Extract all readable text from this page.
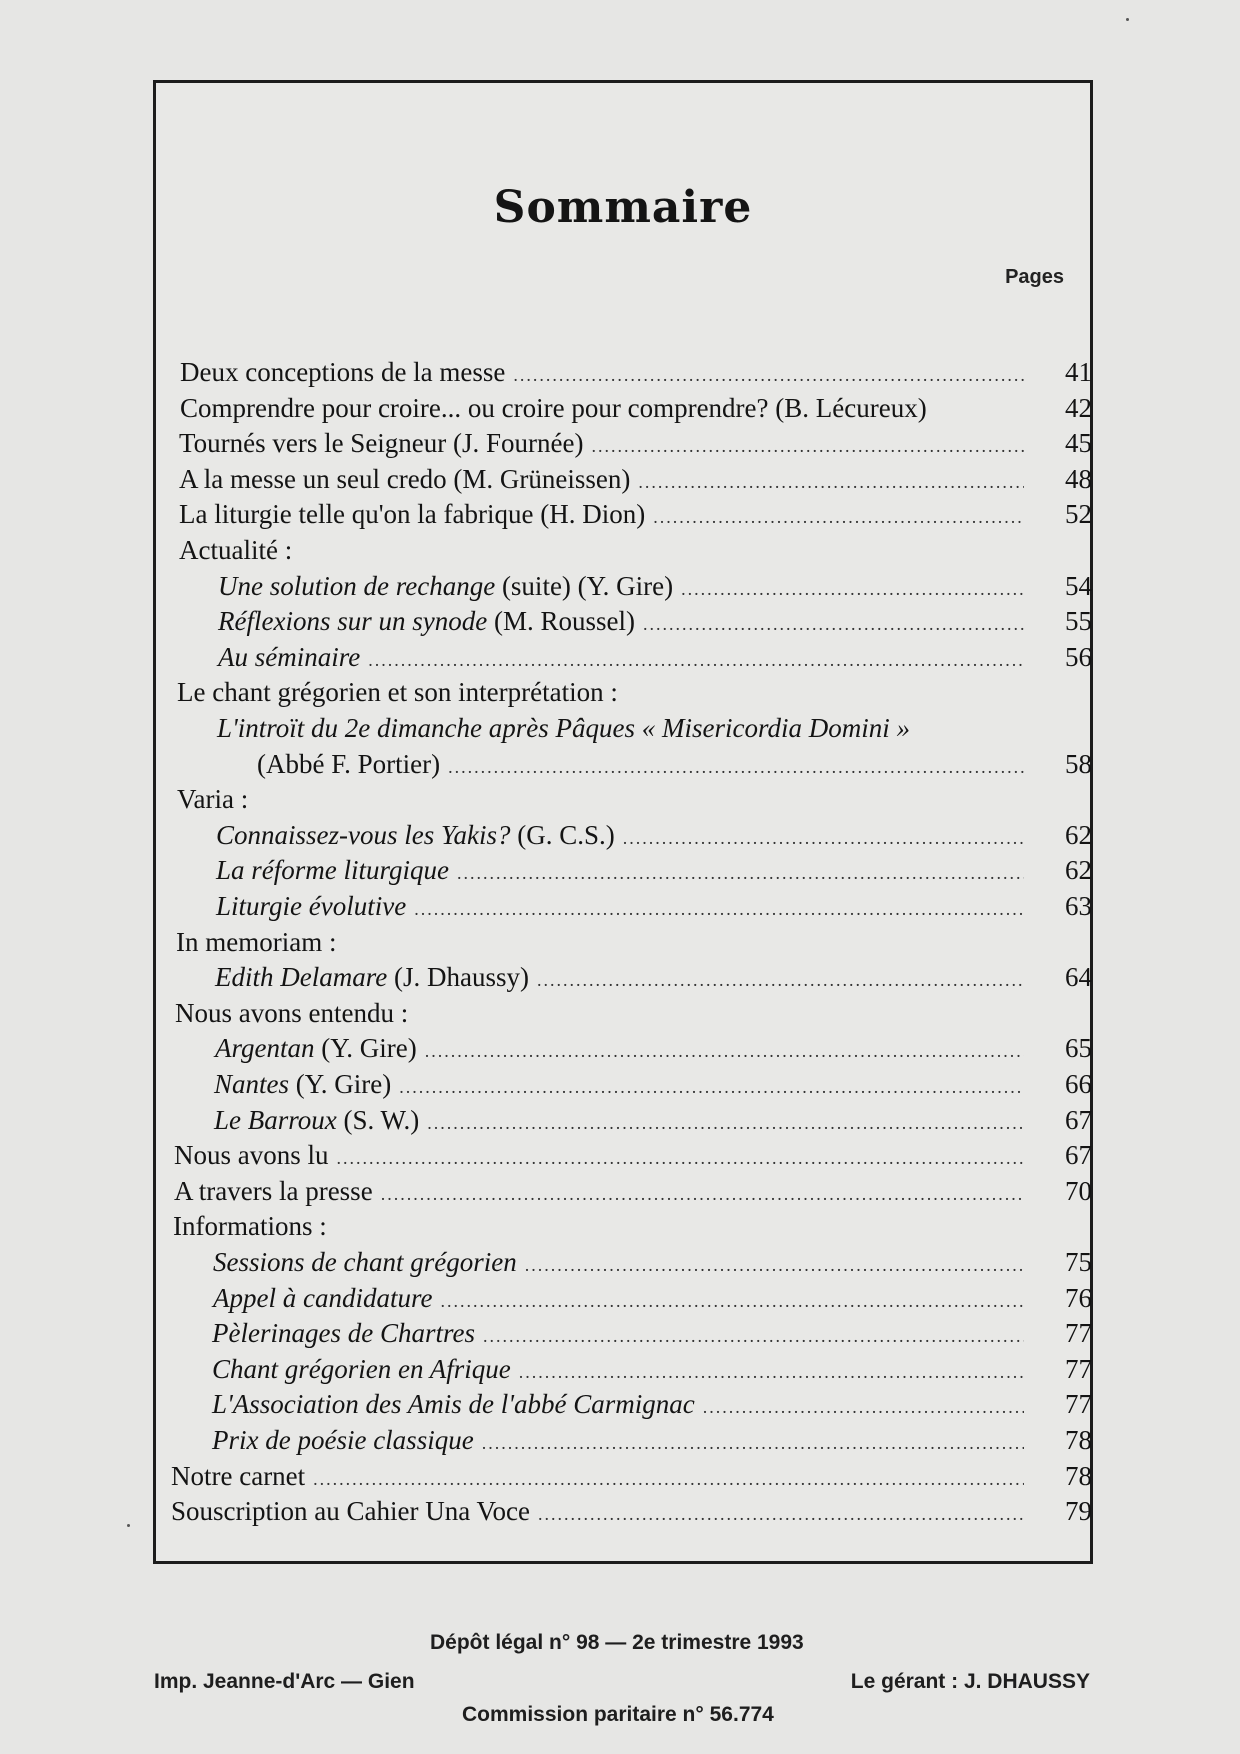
Sommaire
Pages
Deux conceptions de la messe .....	41
Comprendre pour croire... ou croire pour comprendre? (B. Lécureux)	42
Tournés vers le Seigneur (J. Fournée) .....	45
A la messe un seul credo (M. Grüneissen) .....	48
La liturgie telle qu'on la fabrique (H. Dion) .....	52
Actualité :
Une solution de rechange (suite) (Y. Gire) .....	54
Réflexions sur un synode (M. Roussel) .....	55
Au séminaire .....	56
Le chant grégorien et son interprétation :
L'introït du 2e dimanche après Pâques « Misericordia Domini »
(Abbé F. Portier) .....	58
Varia :
Connaissez-vous les Yakis? (G. C.S.) .....	62
La réforme liturgique .....	62
Liturgie évolutive .....	63
In memoriam :
Edith Delamare (J. Dhaussy) .....	64
Nous avons entendu :
Argentan (Y. Gire) .....	65
Nantes (Y. Gire) .....	66
Le Barroux (S. W.) .....	67
Nous avons lu .....	67
A travers la presse .....	70
Informations :
Sessions de chant grégorien .....	75
Appel à candidature .....	76
Pèlerinages de Chartres .....	77
Chant grégorien en Afrique .....	77
L'Association des Amis de l'abbé Carmignac .....	77
Prix de poésie classique .....	78
Notre carnet .....	78
Souscription au Cahier Una Voce .....	79
Dépôt légal n° 98 — 2e trimestre 1993
Imp. Jeanne-d'Arc — Gien	Le gérant : J. DHAUSSY
Commission paritaire n° 56.774
